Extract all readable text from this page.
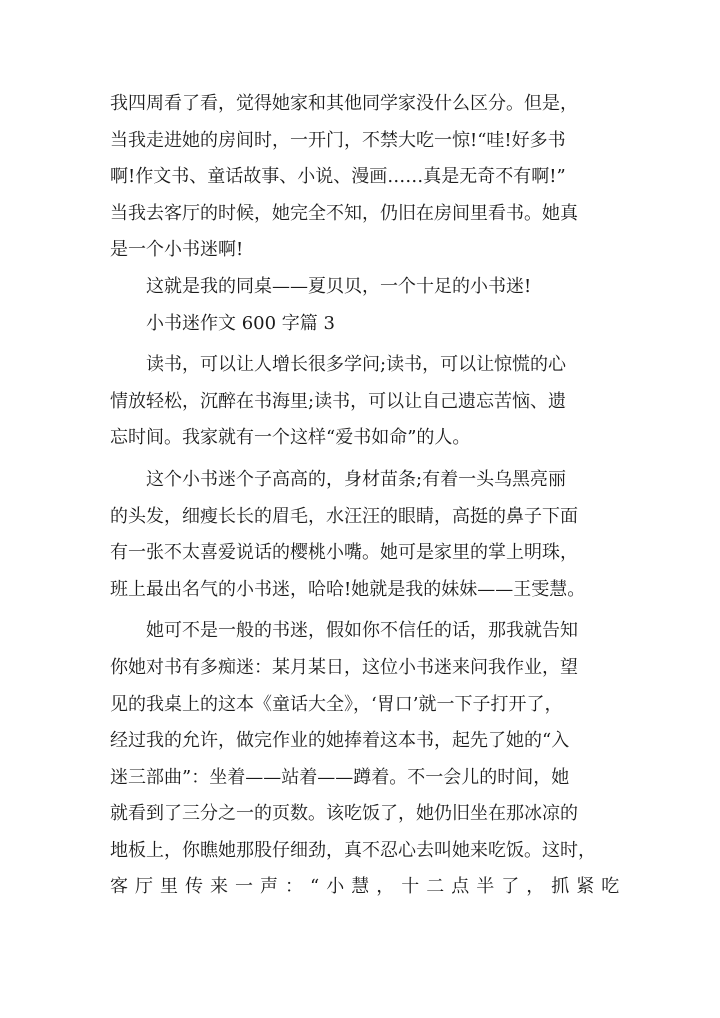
我四周看了看，觉得她家和其他同学家没什么区分。但是，
当我走进她的房间时，一开门，不禁大吃一惊!“哇!好多书
啊!作文书、童话故事、小说、漫画……真是无奇不有啊!”
当我去客厅的时候，她完全不知，仍旧在房间里看书。她真
是一个小书迷啊!
这就是我的同桌——夏贝贝，一个十足的小书迷!
小书迷作文 600 字篇 3
读书，可以让人增长很多学问;读书，可以让惊慌的心
情放轻松，沉醉在书海里;读书，可以让自己遗忘苦恼、遗
忘时间。我家就有一个这样“爱书如命”的人。
这个小书迷个子高高的，身材苗条;有着一头乌黑亮丽
的头发，细瘦长长的眉毛，水汪汪的眼睛，高挺的鼻子下面
有一张不太喜爱说话的樱桃小嘴。她可是家里的掌上明珠，
班上最出名气的小书迷，哈哈!她就是我的妹妹——王雯慧。
她可不是一般的书迷，假如你不信任的话，那我就告知
你她对书有多痴迷：某月某日，这位小书迷来问我作业，望
见的我桌上的这本《童话大全》，‘胃口’就一下子打开了，
经过我的允许，做完作业的她捧着这本书，起先了她的“入
迷三部曲”：坐着——站着——蹲着。不一会儿的时间，她
就看到了三分之一的页数。该吃饭了，她仍旧坐在那冰凉的
地板上，你瞧她那股仔细劲，真不忍心去叫她来吃饭。这时，
客厅里传来一声：“小慧，十二点半了，抓紧吃
